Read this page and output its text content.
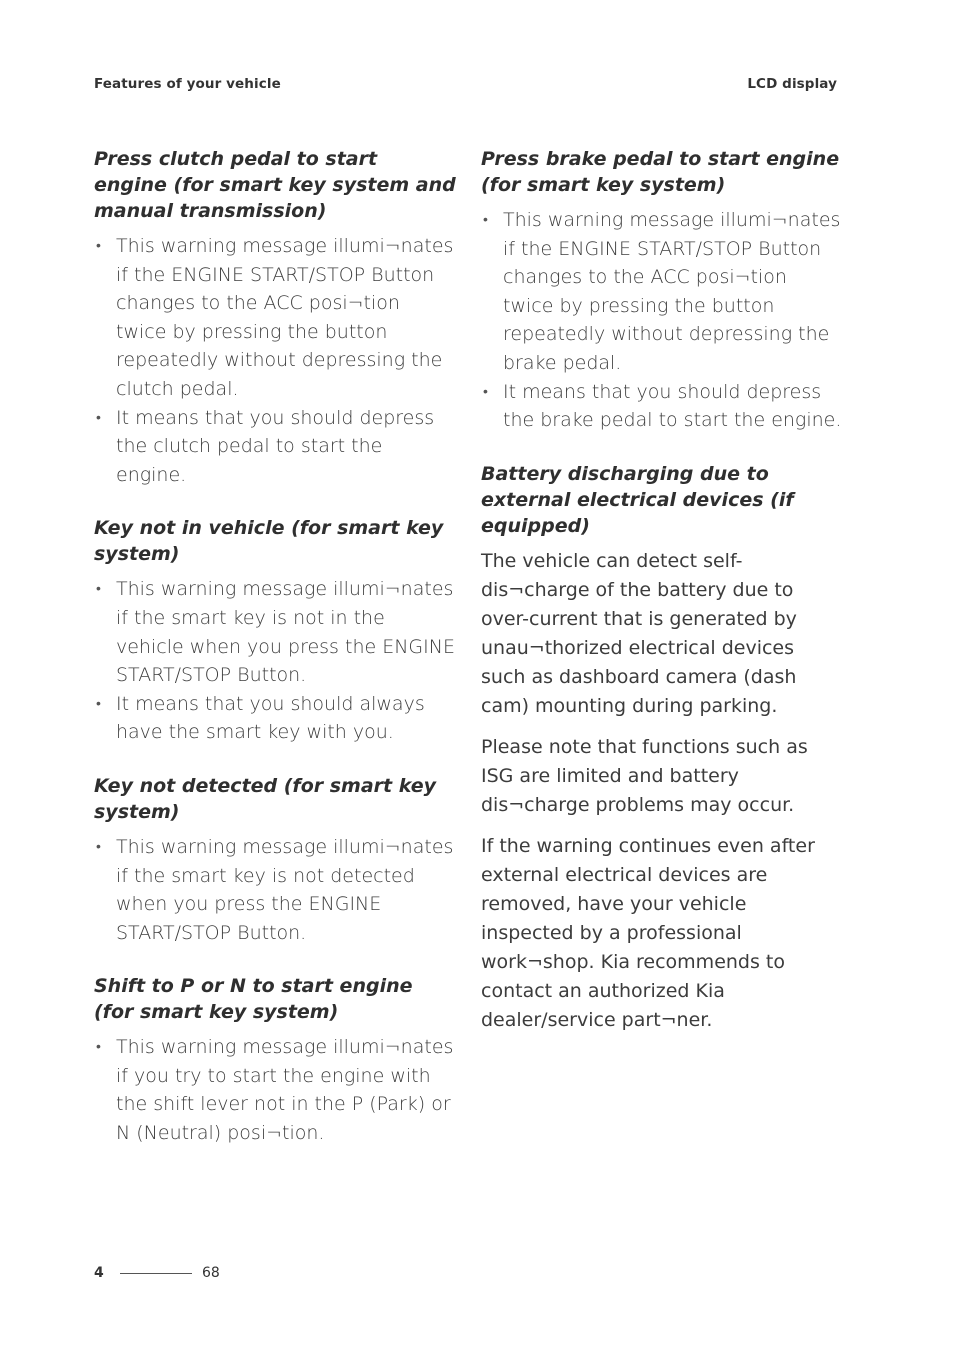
Features of your vehicle	LCD display
Press clutch pedal to start engine (for smart key system and manual transmission)
• This warning message illumi¬nates if the ENGINE START/STOP Button changes to the ACC posi¬tion twice by pressing the button repeatedly without depressing the clutch pedal.
• It means that you should depress the clutch pedal to start the engine.
Key not in vehicle (for smart key system)
• This warning message illumi¬nates if the smart key is not in the vehicle when you press the ENGINE START/STOP Button.
• It means that you should always have the smart key with you.
Key not detected (for smart key system)
• This warning message illumi¬nates if the smart key is not detected when you press the ENGINE START/STOP Button.
Shift to P or N to start engine (for smart key system)
• This warning message illumi¬nates if you try to start the engine with the shift lever not in the P (Park) or N (Neutral) posi¬tion.
Press brake pedal to start engine (for smart key system)
• This warning message illumi¬nates if the ENGINE START/STOP Button changes to the ACC posi¬tion twice by pressing the button repeatedly without depressing the brake pedal.
• It means that you should depress the brake pedal to start the engine.
Battery discharging due to external electrical devices (if equipped)

The vehicle can detect self-dis¬charge of the battery due to over-current that is generated by unau¬thorized electrical devices such as dashboard camera (dash cam) mounting during parking.

Please note that functions such as ISG are limited and battery dis¬charge problems may occur.

If the warning continues even after external electrical devices are removed, have your vehicle inspected by a professional work¬shop. Kia recommends to contact an authorized Kia dealer/service part¬ner.

4	68
